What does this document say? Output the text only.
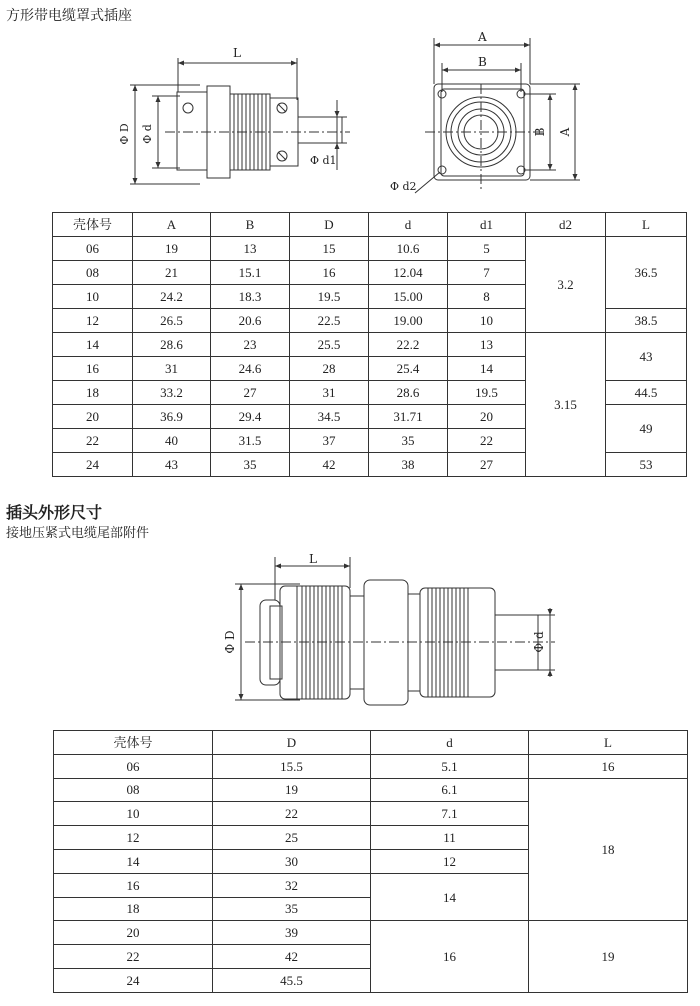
方形带电缆罩式插座
L
Φ D Φ d
Φ d1
Φ d2
A
B
B A
壳体号	A	B	D	d	d1	d2	L
06	19	13	15	10.6	5	3.2	36.5
08	21	15.1	16	12.04	7		
10	24.2	18.3	19.5	15.00	8		
12	26.5	20.6	22.5	19.00	10		38.5
14	28.6	23	25.5	22.2	13	3.15	43
16	31	24.6	28	25.4	14		
18	33.2	27	31	28.6	19.5		44.5
20	36.9	29.4	34.5	31.71	20		49
22	40	31.5	37	35	22		
24	43	35	42	38	27		53
插头外形尺寸
接地压紧式电缆尾部附件
L
Φ D	Φ d
壳体号	D	d	L
06	15.5	5.1	16
08	19	6.1	18
10	22	7.1	
12	25	11	
14	30	12	
16	32	14	
18	35		
20	39	16	19
22	42		
24	45.5		
